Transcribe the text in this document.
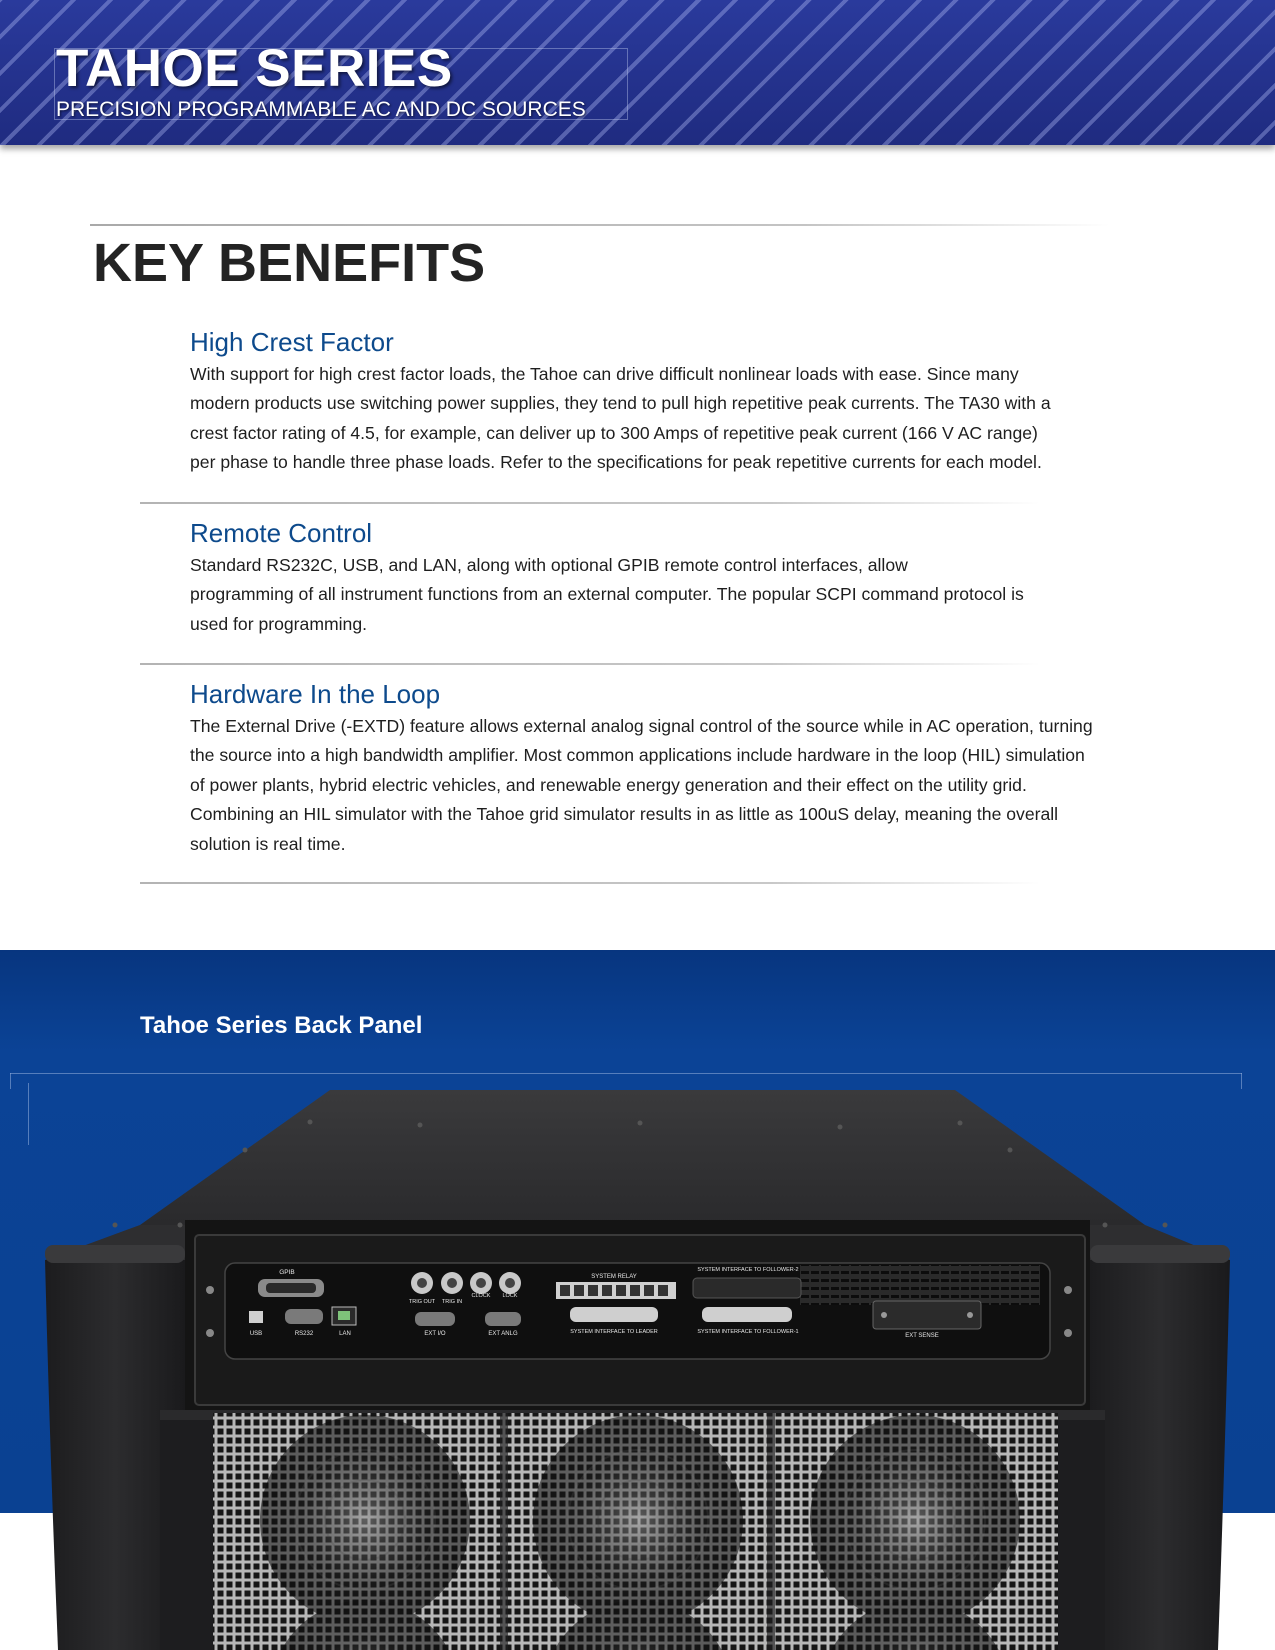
TAHOE SERIES
PRECISION PROGRAMMABLE AC AND DC SOURCES
KEY BENEFITS
High Crest Factor

With support for high crest factor loads, the Tahoe can drive difficult nonlinear loads with ease. Since many
modern products use switching power supplies, they tend to pull high repetitive peak currents. The TA30 with a
crest factor rating of 4.5, for example, can deliver up to 300 Amps of repetitive peak current (166 V AC range)
per phase to handle three phase loads. Refer to the specifications for peak repetitive currents for each model.

Remote Control

Standard RS232C, USB, and LAN, along with optional GPIB remote control interfaces, allow
programming of all instrument functions from an external computer. The popular SCPI command protocol is
used for programming.

Hardware In the Loop

The External Drive (-EXTD) feature allows external analog signal control of the source while in AC operation, turning
the source into a high bandwidth amplifier. Most common applications include hardware in the loop (HIL) simulation
of power plants, hybrid electric vehicles, and renewable energy generation and their effect on the utility grid.
Combining an HIL simulator with the Tahoe grid simulator results in as little as 100uS delay, meaning the overall
solution is real time.

Tahoe Series Back Panel
GPIB
USB	RS232	LAN
TRIG OUT TRIG IN
CLOCK LOCK
EXT I/O	EXT ANLG
SYSTEM RELAY
SYSTEM INTERFACE TO LEADER
SYSTEM INTERFACE TO FOLLOWER-2
SYSTEM INTERFACE TO FOLLOWER-1
EXT SENSE
